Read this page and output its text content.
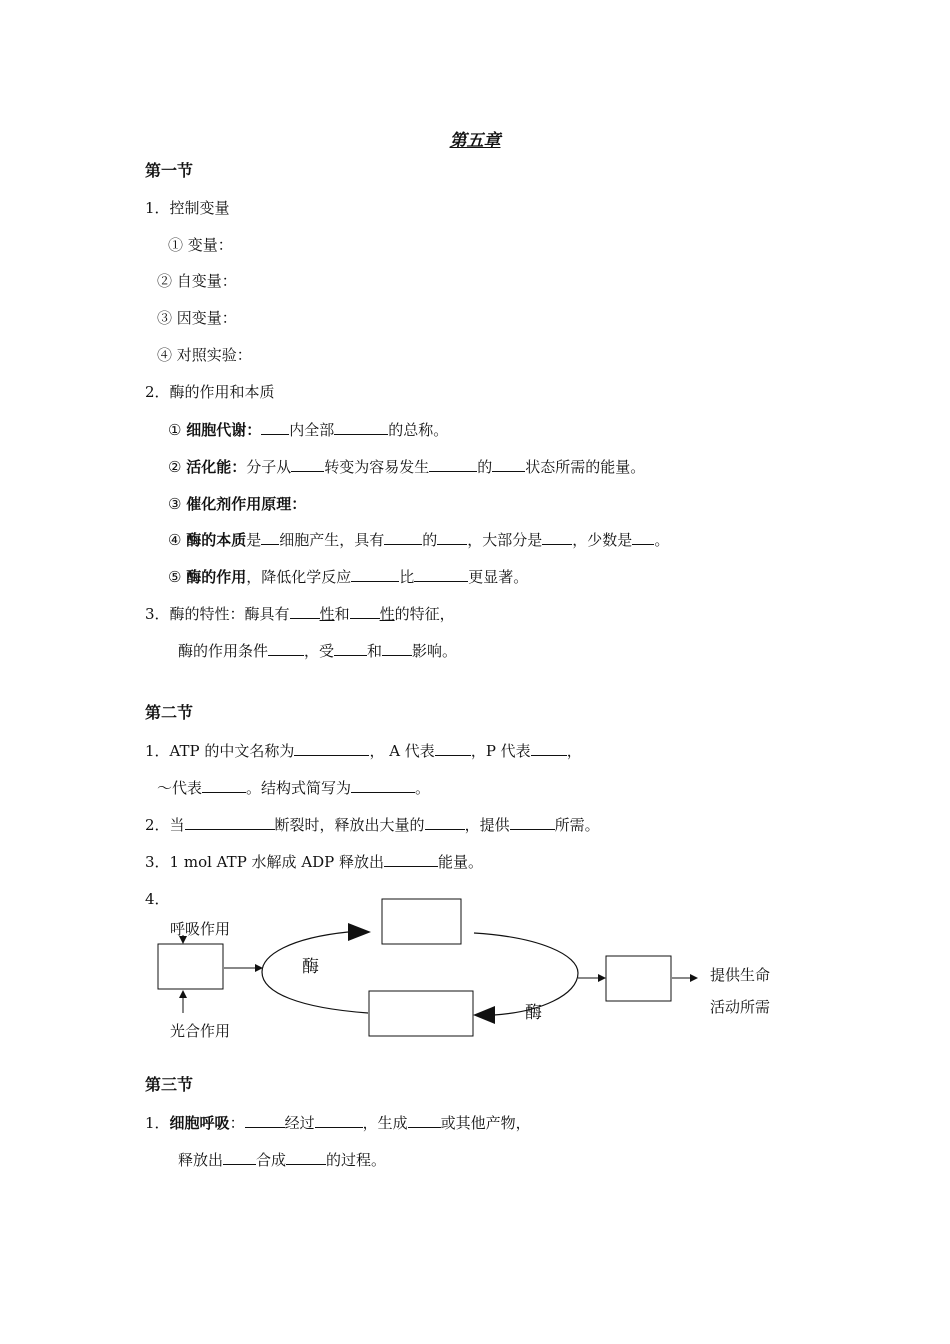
第五章
第一节
1．控制变量
① 变量：
② 自变量：
③ 因变量：
④ 对照实验：
2．酶的作用和本质
① 细胞代谢： 内全部	的总称。
② 活化能：分子从 转变为容易发生	的 状态所需的能量。
③ 催化剂作用原理：
④ 酶的本质是 细胞产生，具有	的 ，大部分是 ，少数是 。
⑤ 酶的作用，降低化学反应	比	更显著。
3．酶的特性：酶具有 性和 性的特征，
酶的作用条件 ，受 和 影响。
第二节
1．ATP 的中文名称为	， A 代表 ，P 代表 ，
～代表	。结构式简写为	。
2．当	断裂时，释放出大量的	，提供	所需。
3．1 mol ATP 水解成 ADP 释放出	能量。
4．
呼吸作用
光合作用
酶
酶
提供生命
活动所需
第三节
1．细胞呼吸：	经过	，生成 或其他产物，
释放出 合成	的过程。
